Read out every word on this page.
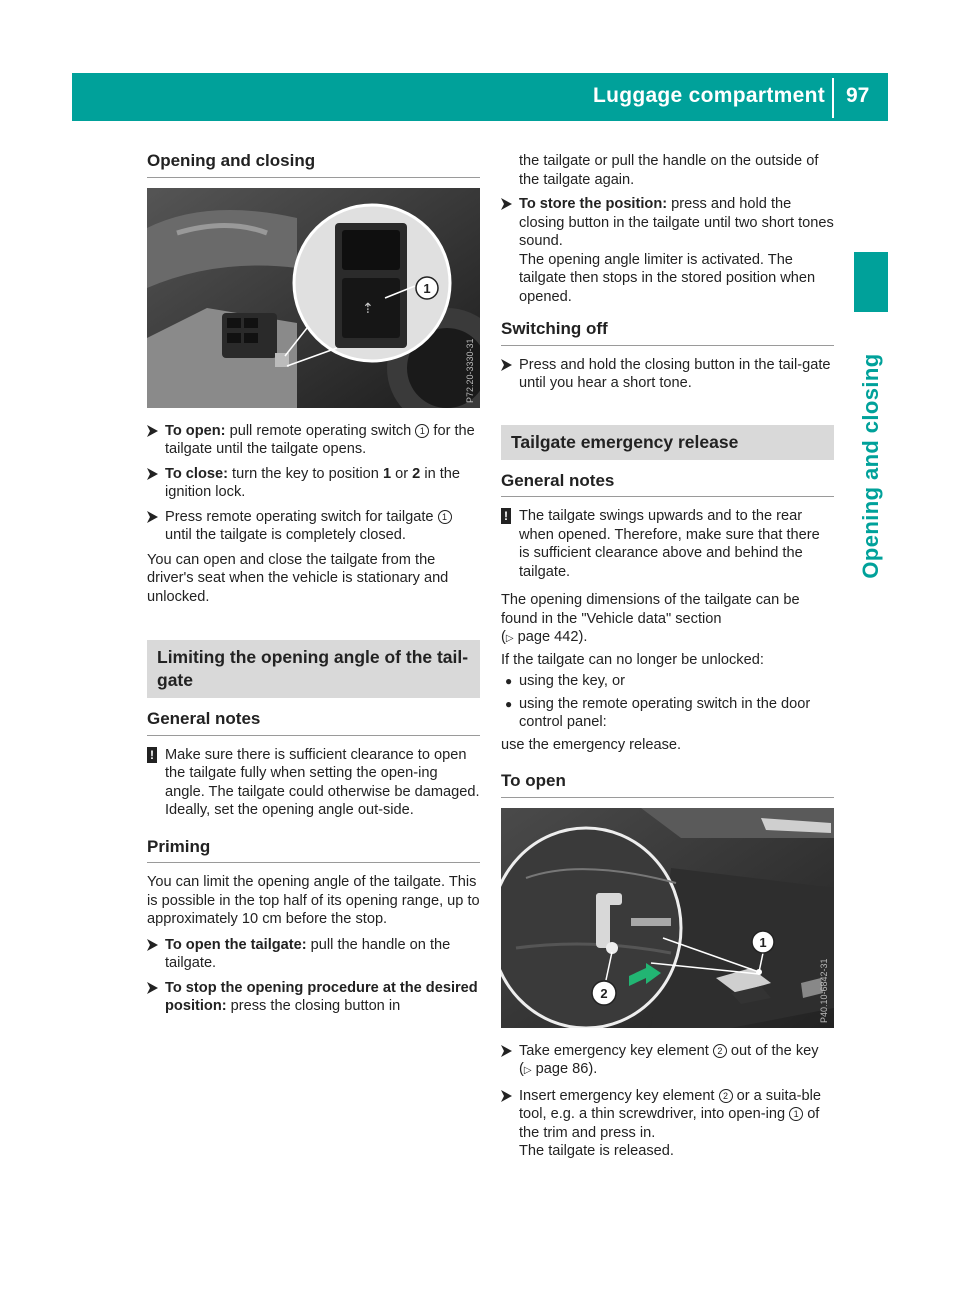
Luggage compartment 97
Opening and closing
Opening and closing
⇡
1
P72.20-3330-31
To open: pull remote operating switch 1 for the tailgate until the tailgate opens.
To close: turn the key to position 1 or 2 in the ignition lock.
Press remote operating switch for tailgate 1 until the tailgate is completely closed.

You can open and close the tailgate from the driver's seat when the vehicle is stationary and unlocked.

Limiting the opening angle of the tail-gate
General notes
! Make sure there is sufficient clearance to open the tailgate fully when setting the open-ing angle. The tailgate could otherwise be damaged. Ideally, set the opening angle out-side.
Priming

You can limit the opening angle of the tailgate. This is possible in the top half of its opening range, up to approximately 10 cm before the stop.

To open the tailgate: pull the handle on the tailgate.
To stop the opening procedure at the desired position: press the closing button in
the tailgate or pull the handle on the outside of the tailgate again.
To store the position: press and hold the closing button in the tailgate until two short tones sound.
The opening angle limiter is activated. The tailgate then stops in the stored position when opened.
Switching off
Press and hold the closing button in the tail-gate until you hear a short tone.
Tailgate emergency release
General notes
! The tailgate swings upwards and to the rear when opened. Therefore, make sure that there is sufficient clearance above and behind the tailgate.

The opening dimensions of the tailgate can be found in the "Vehicle data" section
(▷ page 442).

If the tailgate can no longer be unlocked:

● using the key, or
● using the remote operating switch in the door control panel:

use the emergency release.

To open
1
2	P40.10-6842-31
Take emergency key element 2 out of the key (▷ page 86).
Insert emergency key element 2 or a suita-ble tool, e.g. a thin screwdriver, into open-ing 1 of the trim and press in.
The tailgate is released.
